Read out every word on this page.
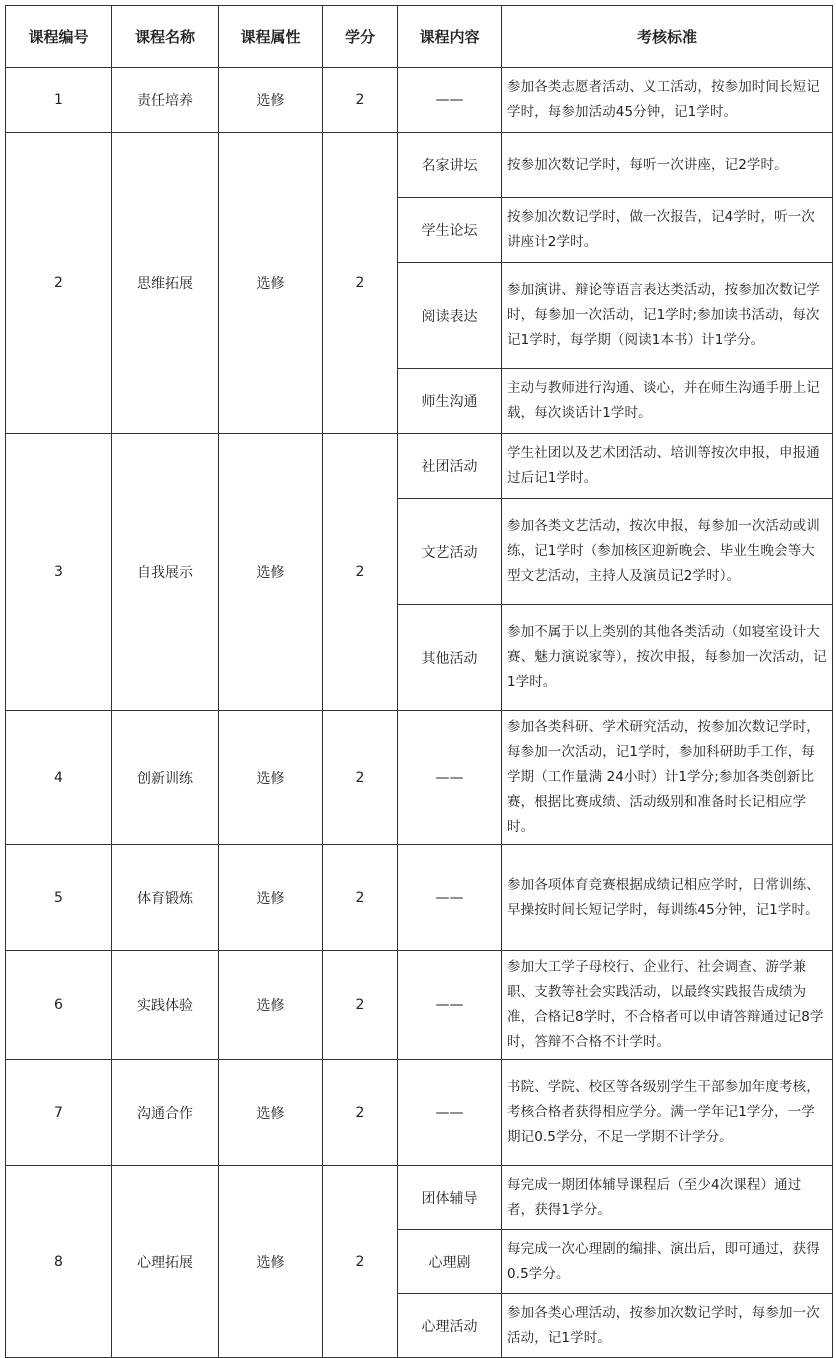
课程编号	课程名称	课程属性	学分	课程内容	考核标准
1	责任培养	选修	2	——	参加各类志愿者活动、义工活动，按参加时间长短记学时，每参加活动45分钟，记1学时。
2	思维拓展	选修	2	名家讲坛	按参加次数记学时，每听一次讲座，记2学时。
				学生论坛	按参加次数记学时，做一次报告，记4学时，听一次讲座计2学时。
				阅读表达	参加演讲、辩论等语言表达类活动，按参加次数记学时，每参加一次活动，记1学时;参加读书活动，每次记1学时，每学期（阅读1本书）计1学分。
				师生沟通	主动与教师进行沟通、谈心，并在师生沟通手册上记载，每次谈话计1学时。
3	自我展示	选修	2	社团活动	学生社团以及艺术团活动、培训等按次申报，申报通过后记1学时。
				文艺活动	参加各类文艺活动，按次申报，每参加一次活动或训练，记1学时（参加核区迎新晚会、毕业生晚会等大型文艺活动，主持人及演员记2学时）。
				其他活动	参加不属于以上类别的其他各类活动（如寝室设计大赛、魅力演说家等），按次申报，每参加一次活动，记1学时。
4	创新训练	选修	2	——	参加各类科研、学术研究活动，按参加次数记学时，每参加一次活动，记1学时，参加科研助手工作，每学期（工作量满 24小时）计1学分;参加各类创新比赛，根据比赛成绩、活动级别和准备时长记相应学时。
5	体育锻炼	选修	2	——	参加各项体育竞赛根据成绩记相应学时，日常训练、早操按时间长短记学时，每训练45分钟，记1学时。
6	实践体验	选修	2	——	参加大工学子母校行、企业行、社会调查、游学兼职、支教等社会实践活动，以最终实践报告成绩为准，合格记8学时，不合格者可以申请答辩通过记8学时，答辩不合格不计学时。
7	沟通合作	选修	2	——	书院、学院、校区等各级别学生干部参加年度考核，考核合格者获得相应学分。满一学年记1学分，一学期记0.5学分，不足一学期不计学分。
8	心理拓展	选修	2	团体辅导	每完成一期团体辅导课程后（至少4次课程）通过者，获得1学分。
				心理剧	每完成一次心理剧的编排、演出后，即可通过，获得 0.5学分。
				心理活动	参加各类心理活动，按参加次数记学时，每参加一次活动，记1学时。
